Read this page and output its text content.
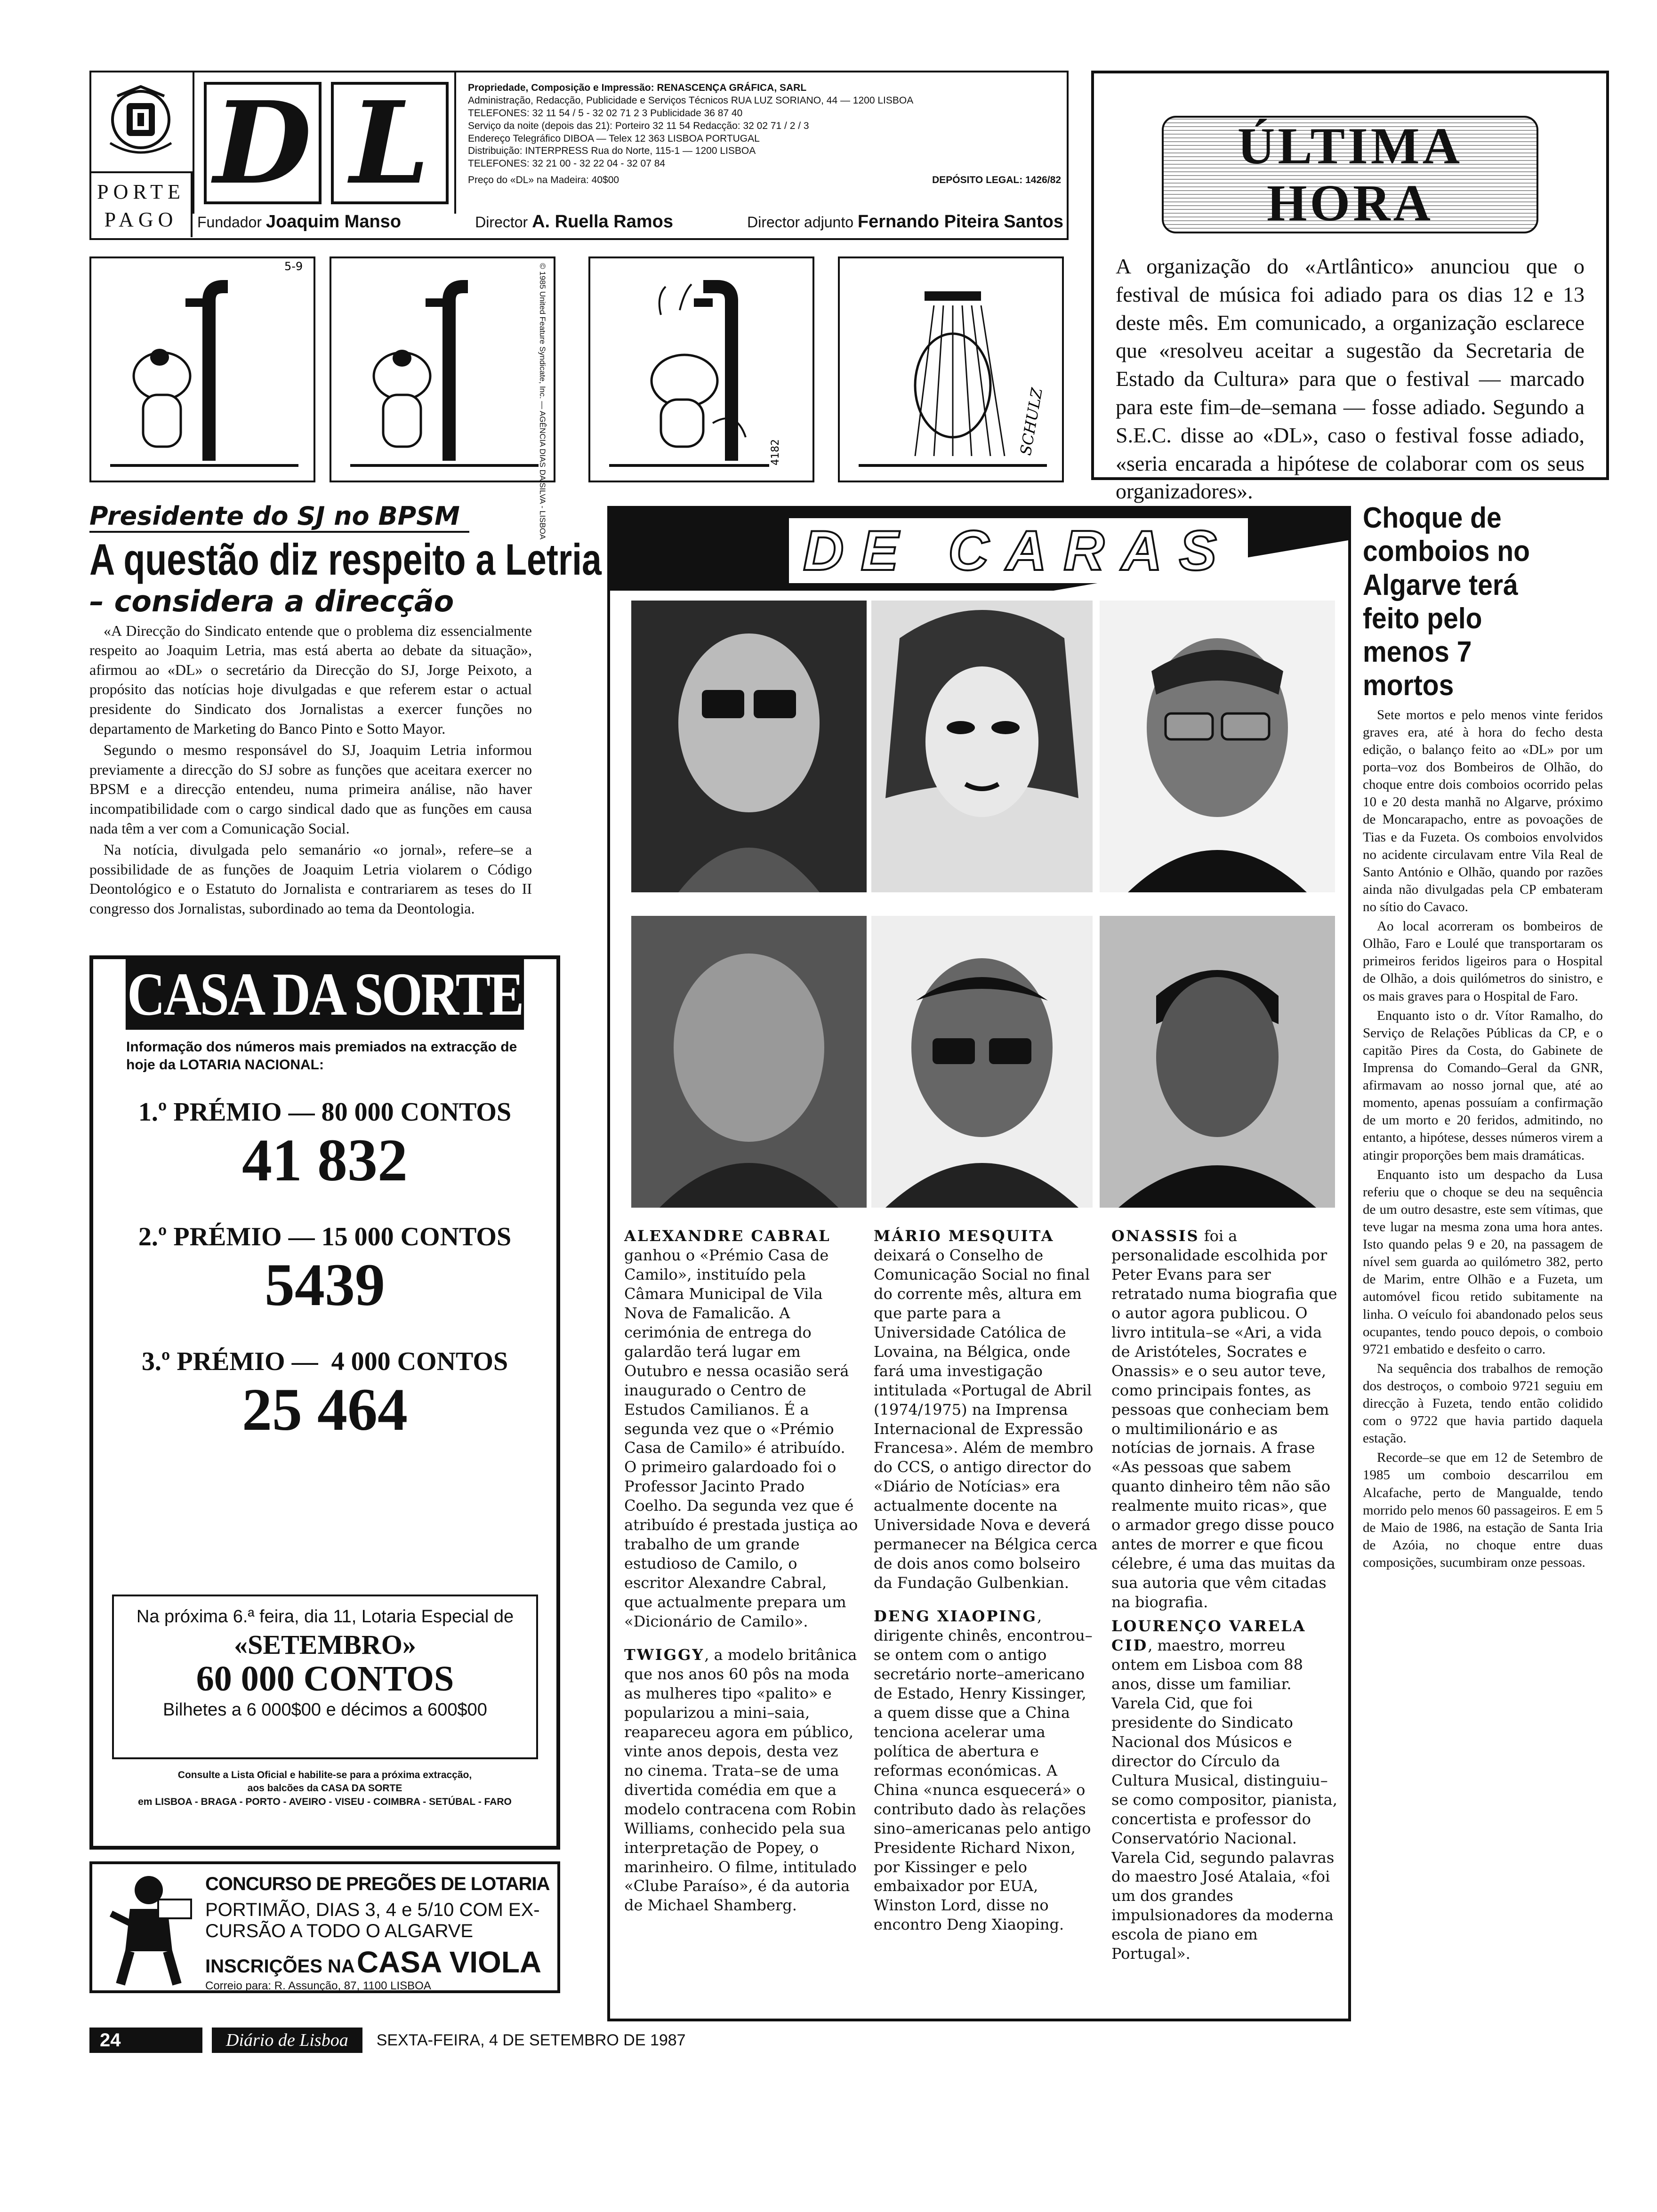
PORTE PAGO
D L	Propriedade, Composição e Impressão: RENASCENÇA GRÁFICA, SARL
Administração, Redacção, Publicidade e Serviços Técnicos RUA LUZ SORIANO, 44 — 1200 LISBOA
TELEFONES: 32 11 54 / 5 - 32 02 71 2 3 Publicidade 36 87 40
Serviço da noite (depois das 21): Porteiro 32 11 54 Redacção: 32 02 71 / 2 / 3
Endereço Telegráfico DIBOA — Telex 12 363 LISBOA PORTUGAL
Distribuição: INTERPRESS Rua do Norte, 115-1 — 1200 LISBOA
TELEFONES: 32 21 00 - 32 22 04 - 32 07 84
Preço do «DL» na Madeira: 40$00	DEPÓSITO LEGAL: 1426/82
Fundador Joaquim Manso	Director A. Ruella Ramos	Director adjunto Fernando Piteira Santos
ÚLTIMA HORA
A organização do «Artlântico» anunciou que o festival de música foi adiado para os dias 12 e 13 deste mês. Em comunicado, a organização esclarece que «resolveu aceitar a sugestão da Secretaria de Estado da Cultura» para que o festival — marcado para este fim–de–semana — fosse adiado. Segundo a S.E.C. disse ao «DL», caso o festival fosse adiado, «seria encarada a hipótese de colaborar com os seus organizadores».
5-9	© 1985 United Feature Syndicate, Inc. — AGÊNCIA DIAS DA SILVA - LISBOA	4182	SCHULZ
Presidente do SJ no BPSM
A questão diz respeito a Letria
– considera a direcção

«A Direcção do Sindicato entende que o problema diz essencialmente respeito ao Joaquim Letria, mas está aberta ao debate da situação», afirmou ao «DL» o secretário da Direcção do SJ, Jorge Peixoto, a propósito das notícias hoje divulgadas e que referem estar o actual presidente do Sindicato dos Jornalistas a exercer funções no departamento de Marketing do Banco Pinto e Sotto Mayor.

Segundo o mesmo responsável do SJ, Joaquim Letria informou previamente a direcção do SJ sobre as funções que aceitara exercer no BPSM e a direcção entendeu, numa primeira análise, não haver incompatibilidade com o cargo sindical dado que as funções em causa nada têm a ver com a Comunicação Social.

Na notícia, divulgada pelo semanário «o jornal», refere–se a possibilidade de as funções de Joaquim Letria violarem o Código Deontológico e o Estatuto do Jornalista e contrariarem as teses do II congresso dos Jornalistas, subordinado ao tema da Deontologia.

CASA DA SORTE
Informação dos números mais premiados na extracção de hoje da LOTARIA NACIONAL:
1.º PRÉMIO — 80 000 CONTOS
41 832
2.º PRÉMIO — 15 000 CONTOS
5439
3.º PRÉMIO —  4 000 CONTOS
25 464
Na próxima 6.ª feira, dia 11, Lotaria Especial de
«SETEMBRO»
60 000 CONTOS
Bilhetes a 6 000$00 e décimos a 600$00
Consulte a Lista Oficial e habilite-se para a próxima extracção,
aos balcões da CASA DA SORTE
em LISBOA - BRAGA - PORTO - AVEIRO - VISEU - COIMBRA - SETÚBAL - FARO
CONCURSO DE PREGÕES DE LOTARIA
PORTIMÃO, DIAS 3, 4 e 5/10 COM EX-
CURSÃO A TODO O ALGARVE
INSCRIÇÕES NA CASA VIOLA
Correio para: R. Assunção, 87, 1100 LISBOA
DE CARAS

ALEXANDRE CABRAL ganhou o «Prémio Casa de Camilo», instituído pela Câmara Municipal de Vila Nova de Famalicão. A cerimónia de entrega do galardão terá lugar em Outubro e nessa ocasião será inaugurado o Centro de Estudos Camilianos. É a segunda vez que o «Prémio Casa de Camilo» é atribuído. O primeiro galardoado foi o Professor Jacinto Prado Coelho. Da segunda vez que é atribuído é prestada justiça ao trabalho de um grande estudioso de Camilo, o escritor Alexandre Cabral, que actualmente prepara um «Dicionário de Camilo».

TWIGGY, a modelo britânica que nos anos 60 pôs na moda as mulheres tipo «palito» e popularizou a mini–saia, reapareceu agora em público, vinte anos depois, desta vez no cinema. Trata–se de uma divertida comédia em que a modelo contracena com Robin Williams, conhecido pela sua interpretação de Popey, o marinheiro. O filme, intitulado «Clube Paraíso», é da autoria de Michael Shamberg.

MÁRIO MESQUITA deixará o Conselho de Comunicação Social no final do corrente mês, altura em que parte para a Universidade Católica de Lovaina, na Bélgica, onde fará uma investigação intitulada «Portugal de Abril (1974/1975) na Imprensa Internacional de Expressão Francesa». Além de membro do CCS, o antigo director do «Diário de Notícias» era actualmente docente na Universidade Nova e deverá permanecer na Bélgica cerca de dois anos como bolseiro da Fundação Gulbenkian.

DENG XIAOPING, dirigente chinês, encontrou–se ontem com o antigo secretário norte–americano de Estado, Henry Kissinger, a quem disse que a China tenciona acelerar uma política de abertura e reformas económicas. A China «nunca esquecerá» o contributo dado às relações sino–americanas pelo antigo Presidente Richard Nixon, por Kissinger e pelo embaixador por EUA, Winston Lord, disse no encontro Deng Xiaoping.

ONASSIS foi a personalidade escolhida por Peter Evans para ser retratado numa biografia que o autor agora publicou. O livro intitula–se «Ari, a vida de Aristóteles, Socrates e Onassis» e o seu autor teve, como principais fontes, as pessoas que conheciam bem o multimilionário e as notícias de jornais. A frase «As pessoas que sabem quanto dinheiro têm não são realmente muito ricas», que o armador grego disse pouco antes de morrer e que ficou célebre, é uma das muitas da sua autoria que vêm citadas na biografia.

LOURENÇO VARELA CID, maestro, morreu ontem em Lisboa com 88 anos, disse um familiar. Varela Cid, que foi presidente do Sindicato Nacional dos Músicos e director do Círculo da Cultura Musical, distinguiu–se como compositor, pianista, concertista e professor do Conservatório Nacional. Varela Cid, segundo palavras do maestro José Atalaia, «foi um dos grandes impulsionadores da moderna escola de piano em Portugal».

Choque de comboios no Algarve terá feito pelo menos 7 mortos

Sete mortos e pelo menos vinte feridos graves era, até à hora do fecho desta edição, o balanço feito ao «DL» por um porta–voz dos Bombeiros de Olhão, do choque entre dois comboios ocorrido pelas 10 e 20 desta manhã no Algarve, próximo de Moncarapacho, entre as povoações de Tias e da Fuzeta. Os comboios envolvidos no acidente circulavam entre Vila Real de Santo António e Olhão, quando por razões ainda não divulgadas pela CP embateram no sítio do Cavaco.

Ao local acorreram os bombeiros de Olhão, Faro e Loulé que transportaram os primeiros feridos ligeiros para o Hospital de Olhão, a dois quilómetros do sinistro, e os mais graves para o Hospital de Faro.

Enquanto isto o dr. Vítor Ramalho, do Serviço de Relações Públicas da CP, e o capitão Pires da Costa, do Gabinete de Imprensa do Comando–Geral da GNR, afirmavam ao nosso jornal que, até ao momento, apenas possuíam a confirmação de um morto e 20 feridos, admitindo, no entanto, a hipótese, desses números virem a atingir proporções bem mais dramáticas.

Enquanto isto um despacho da Lusa referiu que o choque se deu na sequência de um outro desastre, este sem vítimas, que teve lugar na mesma zona uma hora antes. Isto quando pelas 9 e 20, na passagem de nível sem guarda ao quilómetro 382, perto de Marim, entre Olhão e a Fuzeta, um automóvel ficou retido subitamente na linha. O veículo foi abandonado pelos seus ocupantes, tendo pouco depois, o comboio 9721 embatido e desfeito o carro.

Na sequência dos trabalhos de remoção dos destroços, o comboio 9721 seguiu em direcção à Fuzeta, tendo então colidido com o 9722 que havia partido daquela estação.

Recorde–se que em 12 de Setembro de 1985 um comboio descarrilou em Alcafache, perto de Mangualde, tendo morrido pelo menos 60 passageiros. E em 5 de Maio de 1986, na estação de Santa Iria de Azóia, no choque entre duas composições, sucumbiram onze pessoas.

24	Diário de Lisboa	SEXTA-FEIRA, 4 DE SETEMBRO DE 1987
